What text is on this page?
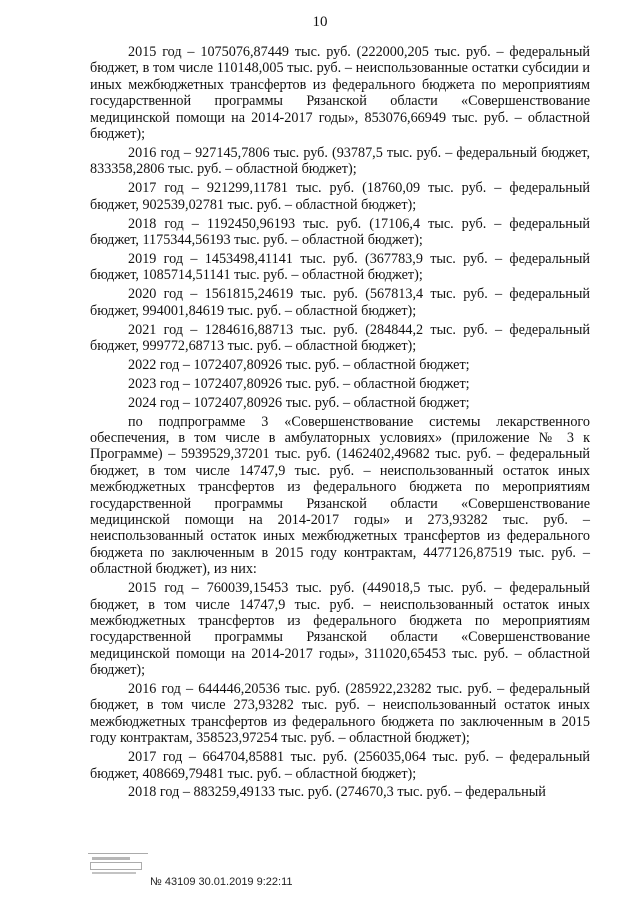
10

2015 год – 1075076,87449 тыс. руб. (222000,205 тыс. руб. – федеральный бюджет, в том числе 110148,005 тыс. руб. – неиспользованные остатки субсидии и иных межбюджетных трансфертов из федерального бюджета по мероприятиям государственной программы Рязанской области «Совершенствование медицинской помощи на 2014-2017 годы», 853076,66949 тыс. руб. – областной бюджет);

2016 год – 927145,7806 тыс. руб. (93787,5 тыс. руб. – федеральный бюджет, 833358,2806 тыс. руб. – областной бюджет);

2017 год – 921299,11781 тыс. руб. (18760,09 тыс. руб. – федеральный бюджет, 902539,02781 тыс. руб. – областной бюджет);

2018 год – 1192450,96193 тыс. руб. (17106,4 тыс. руб. – федеральный бюджет, 1175344,56193 тыс. руб. – областной бюджет);

2019 год – 1453498,41141 тыс. руб. (367783,9 тыс. руб. – федеральный бюджет, 1085714,51141 тыс. руб. – областной бюджет);

2020 год – 1561815,24619 тыс. руб. (567813,4 тыс. руб. – федеральный бюджет, 994001,84619 тыс. руб. – областной бюджет);

2021 год – 1284616,88713 тыс. руб. (284844,2 тыс. руб. – федеральный бюджет, 999772,68713 тыс. руб. – областной бюджет);

2022 год – 1072407,80926 тыс. руб. – областной бюджет;

2023 год – 1072407,80926 тыс. руб. – областной бюджет;

2024 год – 1072407,80926 тыс. руб. – областной бюджет;

по подпрограмме 3 «Совершенствование системы лекарственного обеспечения, в том числе в амбулаторных условиях» (приложение № 3 к Программе) – 5939529,37201 тыс. руб. (1462402,49682 тыс. руб. – федеральный бюджет, в том числе 14747,9 тыс. руб. – неиспользованный остаток иных межбюджетных трансфертов из федерального бюджета по мероприятиям государственной программы Рязанской области «Совершенствование медицинской помощи на 2014-2017 годы» и 273,93282 тыс. руб. – неиспользованный остаток иных межбюджетных трансфертов из федерального бюджета по заключенным в 2015 году контрактам, 4477126,87519 тыс. руб. – областной бюджет), из них:

2015 год – 760039,15453 тыс. руб. (449018,5 тыс. руб. – федеральный бюджет, в том числе 14747,9 тыс. руб. – неиспользованный остаток иных межбюджетных трансфертов из федерального бюджета по мероприятиям государственной программы Рязанской области «Совершенствование медицинской помощи на 2014-2017 годы», 311020,65453 тыс. руб. – областной бюджет);

2016 год – 644446,20536 тыс. руб. (285922,23282 тыс. руб. – федеральный бюджет, в том числе 273,93282 тыс. руб. – неиспользованный остаток иных межбюджетных трансфертов из федерального бюджета по заключенным в 2015 году контрактам, 358523,97254 тыс. руб. – областной бюджет);

2017 год – 664704,85881 тыс. руб. (256035,064 тыс. руб. – федеральный бюджет, 408669,79481 тыс. руб. – областной бюджет);

2018 год – 883259,49133 тыс. руб. (274670,3 тыс. руб. – федеральный

№ 43109 30.01.2019 9:22:11
